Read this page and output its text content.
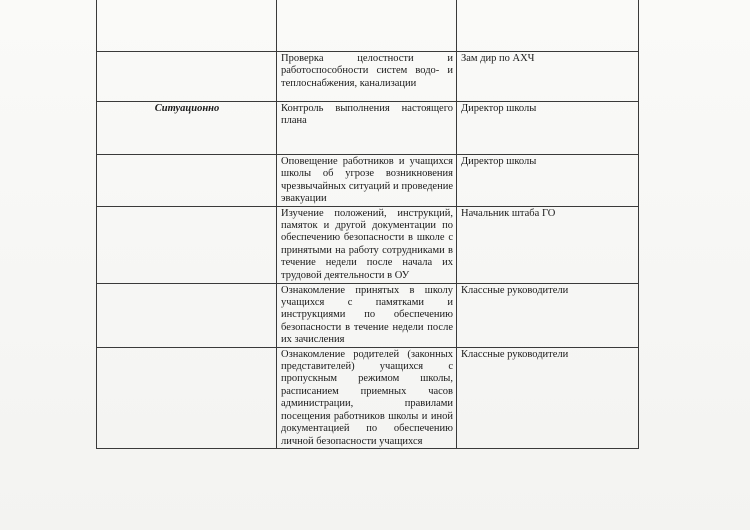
	Проверка целостности и работоспособности систем водо- и теплоснабжения, канализации	Зам дир по АХЧ
Ситуационно	Контроль выполнения настоящего плана	Директор школы
	Оповещение работников и учащихся школы об угрозе возникновения чрезвычайных ситуаций и проведение эвакуации	Директор школы
	Изучение положений, инструкций, памяток и другой документации по обеспечению безопасности в школе с принятыми на работу сотрудниками в течение недели после начала их трудовой деятельности в ОУ	Начальник штаба ГО
	Ознакомление принятых в школу учащихся с памятками и инструкциями по обеспечению безопасности в течение недели после их зачисления	Классные руководители
	Ознакомление родителей (законных представителей) учащихся с пропускным режимом школы, расписанием приемных часов администрации, правилами посещения работников школы и иной документацией по обеспечению личной безопасности учащихся	Классные руководители
